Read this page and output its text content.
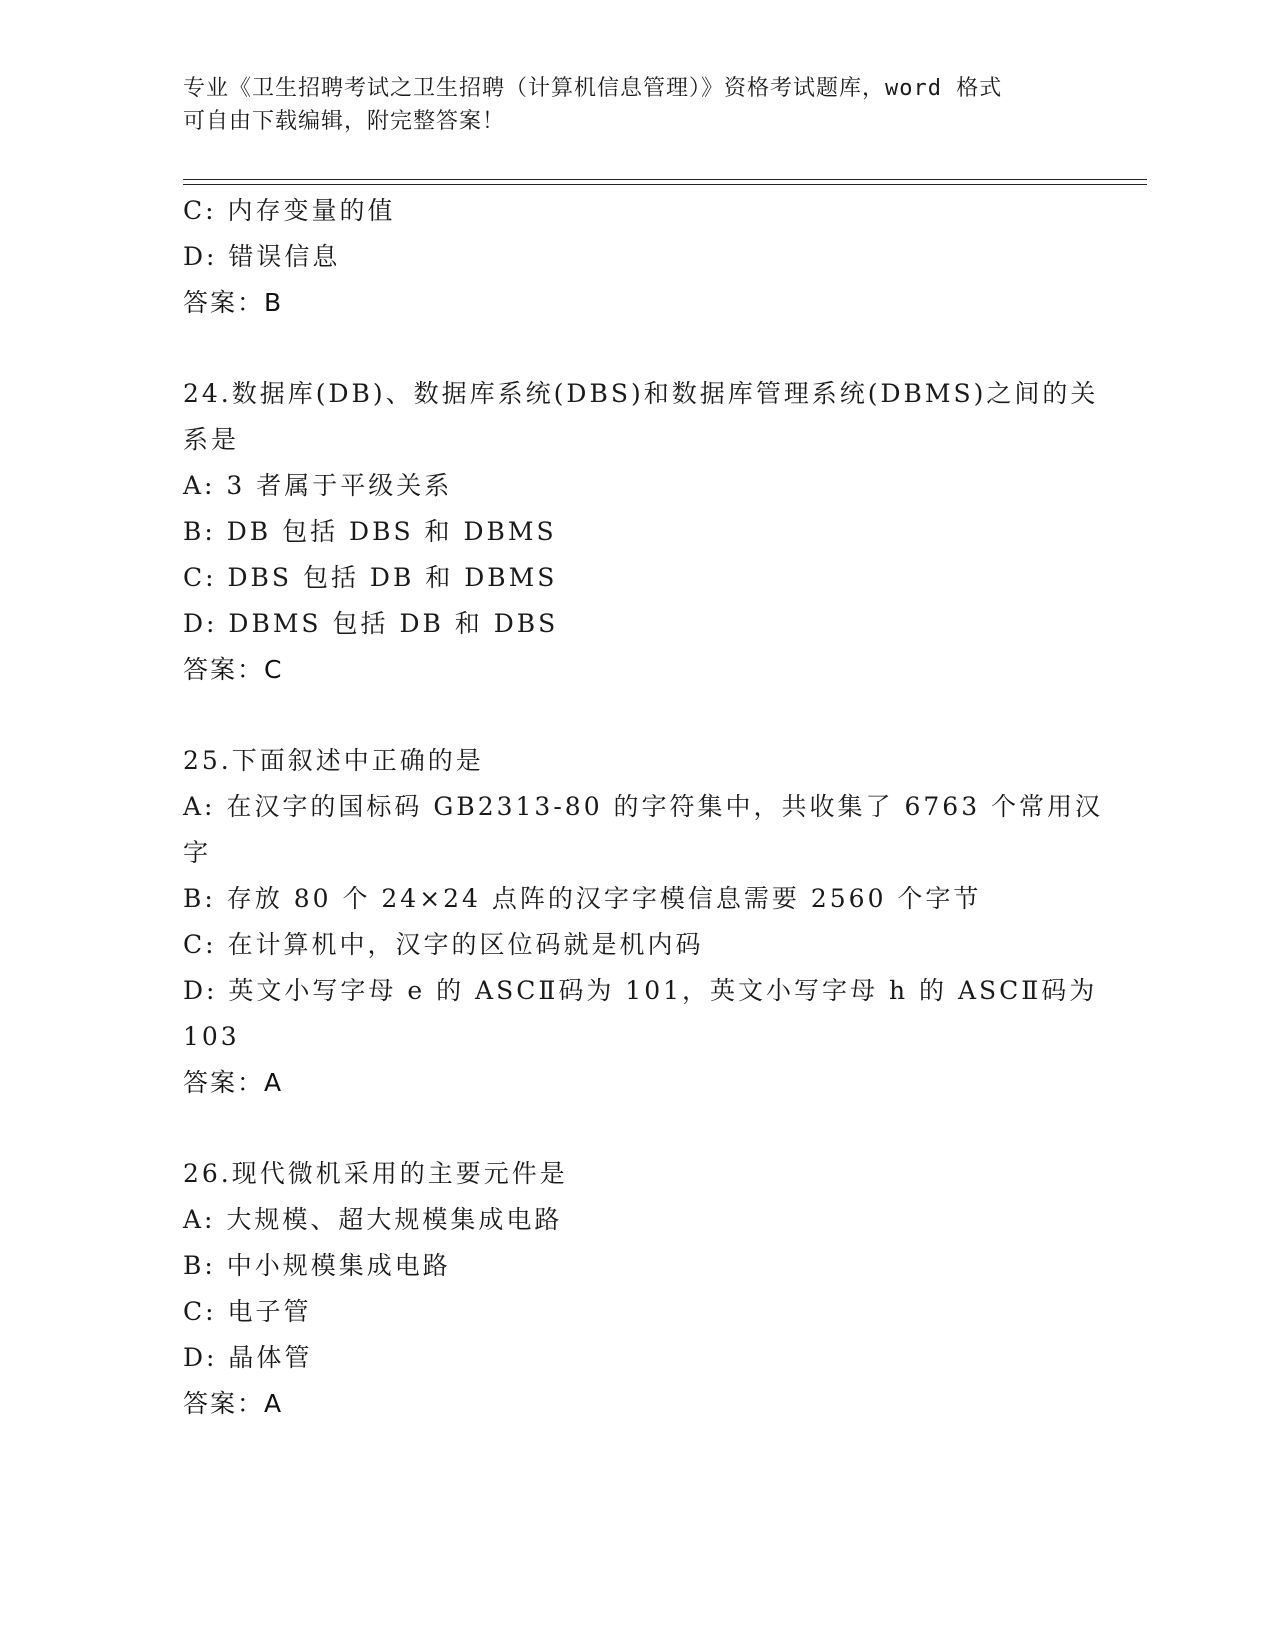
专业《卫生招聘考试之卫生招聘（计算机信息管理）》资格考试题库，word 格式
可自由下载编辑，附完整答案！
C: 内存变量的值
D: 错误信息
答案：B
24.数据库(DB)、数据库系统(DBS)和数据库管理系统(DBMS)之间的关
系是
A: 3 者属于平级关系
B: DB 包括 DBS 和 DBMS
C: DBS 包括 DB 和 DBMS
D: DBMS 包括 DB 和 DBS
答案：C
25.下面叙述中正确的是
A: 在汉字的国标码 GB2313-80 的字符集中，共收集了 6763 个常用汉
字
B: 存放 80 个 24×24 点阵的汉字字模信息需要 2560 个字节
C: 在计算机中，汉字的区位码就是机内码
D: 英文小写字母 e 的 ASCⅡ码为 101，英文小写字母 h 的 ASCⅡ码为
103
答案：A
26.现代微机采用的主要元件是
A: 大规模、超大规模集成电路
B: 中小规模集成电路
C: 电子管
D: 晶体管
答案：A
